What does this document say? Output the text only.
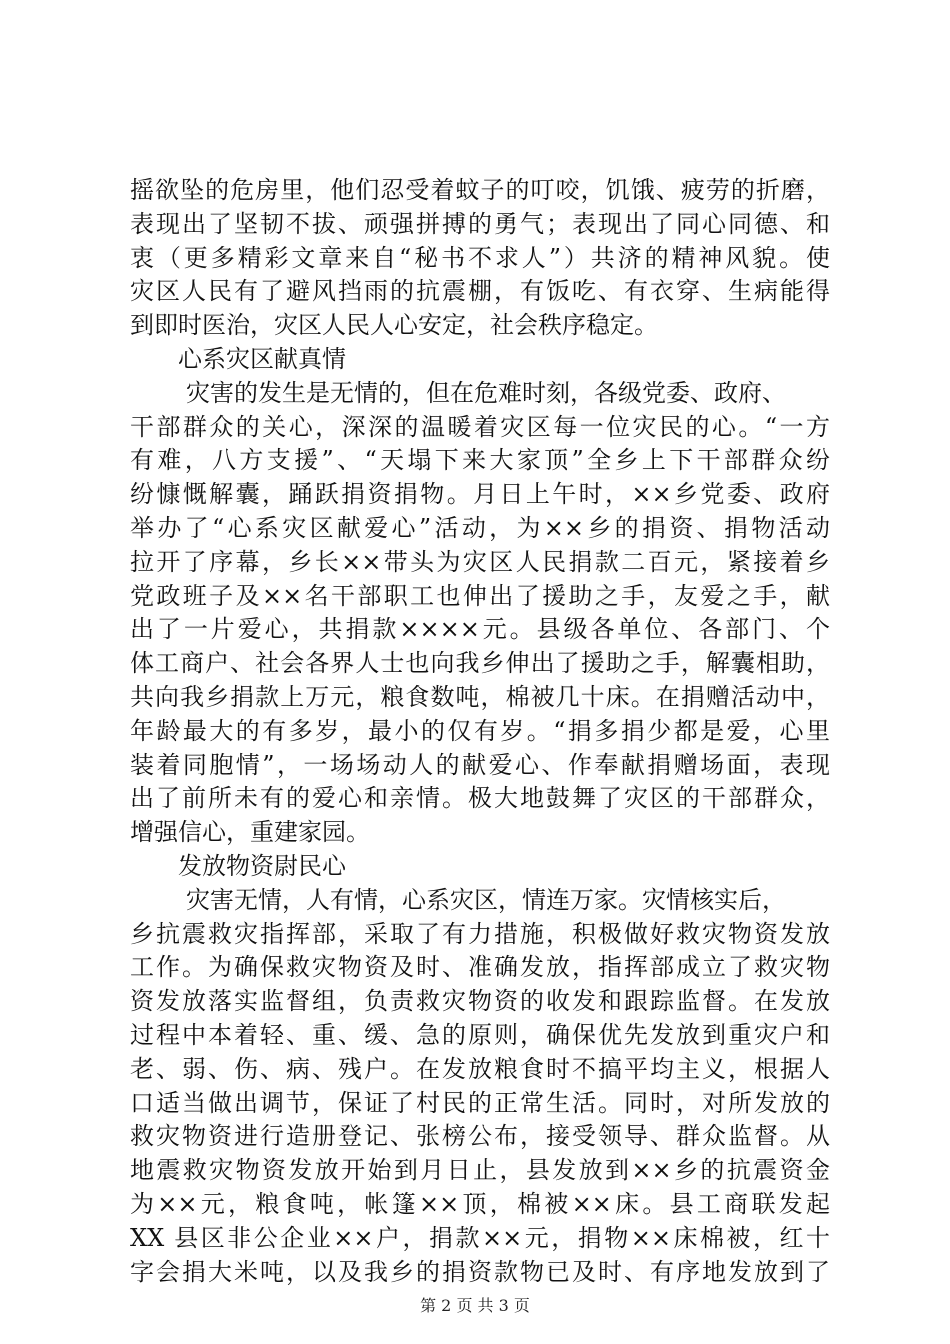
摇欲坠的危房里，他们忍受着蚊子的叮咬，饥饿、疲劳的折磨，
表现出了坚韧不拔、顽强拼搏的勇气；表现出了同心同德、和
衷（更多精彩文章来自“秘书不求人”）共济的精神风貌。使
灾区人民有了避风挡雨的抗震棚，有饭吃、有衣穿、生病能得
到即时医治，灾区人民人心安定，社会秩序稳定。
心系灾区献真情
灾害的发生是无情的，但在危难时刻，各级党委、政府、
干部群众的关心，深深的温暖着灾区每一位灾民的心。“一方
有难，八方支援”、“天塌下来大家顶”全乡上下干部群众纷
纷慷慨解囊，踊跃捐资捐物。月日上午时，××乡党委、政府
举办了“心系灾区献爱心”活动，为××乡的捐资、捐物活动
拉开了序幕，乡长××带头为灾区人民捐款二百元，紧接着乡
党政班子及××名干部职工也伸出了援助之手，友爱之手，献
出了一片爱心，共捐款××××元。县级各单位、各部门、个
体工商户、社会各界人士也向我乡伸出了援助之手，解囊相助，
共向我乡捐款上万元，粮食数吨，棉被几十床。在捐赠活动中，
年龄最大的有多岁，最小的仅有岁。“捐多捐少都是爱，心里
装着同胞情”，一场场动人的献爱心、作奉献捐赠场面，表现
出了前所未有的爱心和亲情。极大地鼓舞了灾区的干部群众，
增强信心，重建家园。
发放物资尉民心
灾害无情，人有情，心系灾区，情连万家。灾情核实后，
乡抗震救灾指挥部，采取了有力措施，积极做好救灾物资发放
工作。为确保救灾物资及时、准确发放，指挥部成立了救灾物
资发放落实监督组，负责救灾物资的收发和跟踪监督。在发放
过程中本着轻、重、缓、急的原则，确保优先发放到重灾户和
老、弱、伤、病、残户。在发放粮食时不搞平均主义，根据人
口适当做出调节，保证了村民的正常生活。同时，对所发放的
救灾物资进行造册登记、张榜公布，接受领导、群众监督。从
地震救灾物资发放开始到月日止，县发放到××乡的抗震资金
为××元，粮食吨，帐篷××顶，棉被××床。县工商联发起
XX 县区非公企业××户，捐款××元，捐物××床棉被，红十
字会捐大米吨，以及我乡的捐资款物已及时、有序地发放到了
第 2 页 共 3 页
